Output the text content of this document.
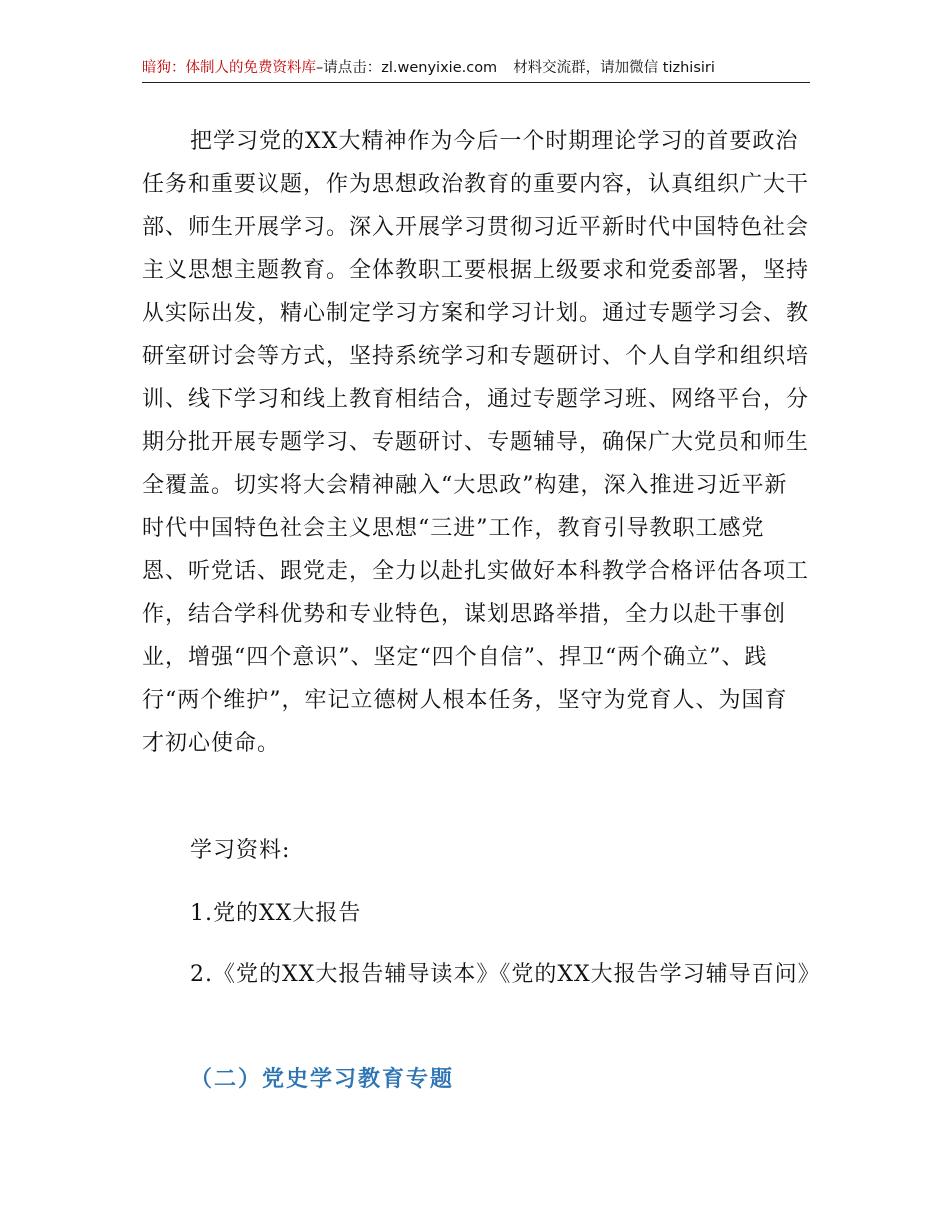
暗狗：体制人的免费资料库–请点击：zl.wenyixie.com 材料交流群，请加微信 tizhisiri

把学习党的XX大精神作为今后一个时期理论学习的首要政治任务和重要议题，作为思想政治教育的重要内容，认真组织广大干部、师生开展学习。深入开展学习贯彻习近平新时代中国特色社会主义思想主题教育。全体教职工要根据上级要求和党委部署，坚持从实际出发，精心制定学习方案和学习计划。通过专题学习会、教研室研讨会等方式，坚持系统学习和专题研讨、个人自学和组织培训、线下学习和线上教育相结合，通过专题学习班、网络平台，分期分批开展专题学习、专题研讨、专题辅导，确保广大党员和师生全覆盖。切实将大会精神融入“大思政”构建，深入推进习近平新时代中国特色社会主义思想“三进”工作，教育引导教职工感党恩、听党话、跟党走，全力以赴扎实做好本科教学合格评估各项工作，结合学科优势和专业特色，谋划思路举措，全力以赴干事创业，增强“四个意识”、坚定“四个自信”、捍卫“两个确立”、践行“两个维护”，牢记立德树人根本任务，坚守为党育人、为国育才初心使命。

学习资料:

1.党的XX大报告

2.《党的XX大报告辅导读本》《党的XX大报告学习辅导百问》

（二）党史学习教育专题
